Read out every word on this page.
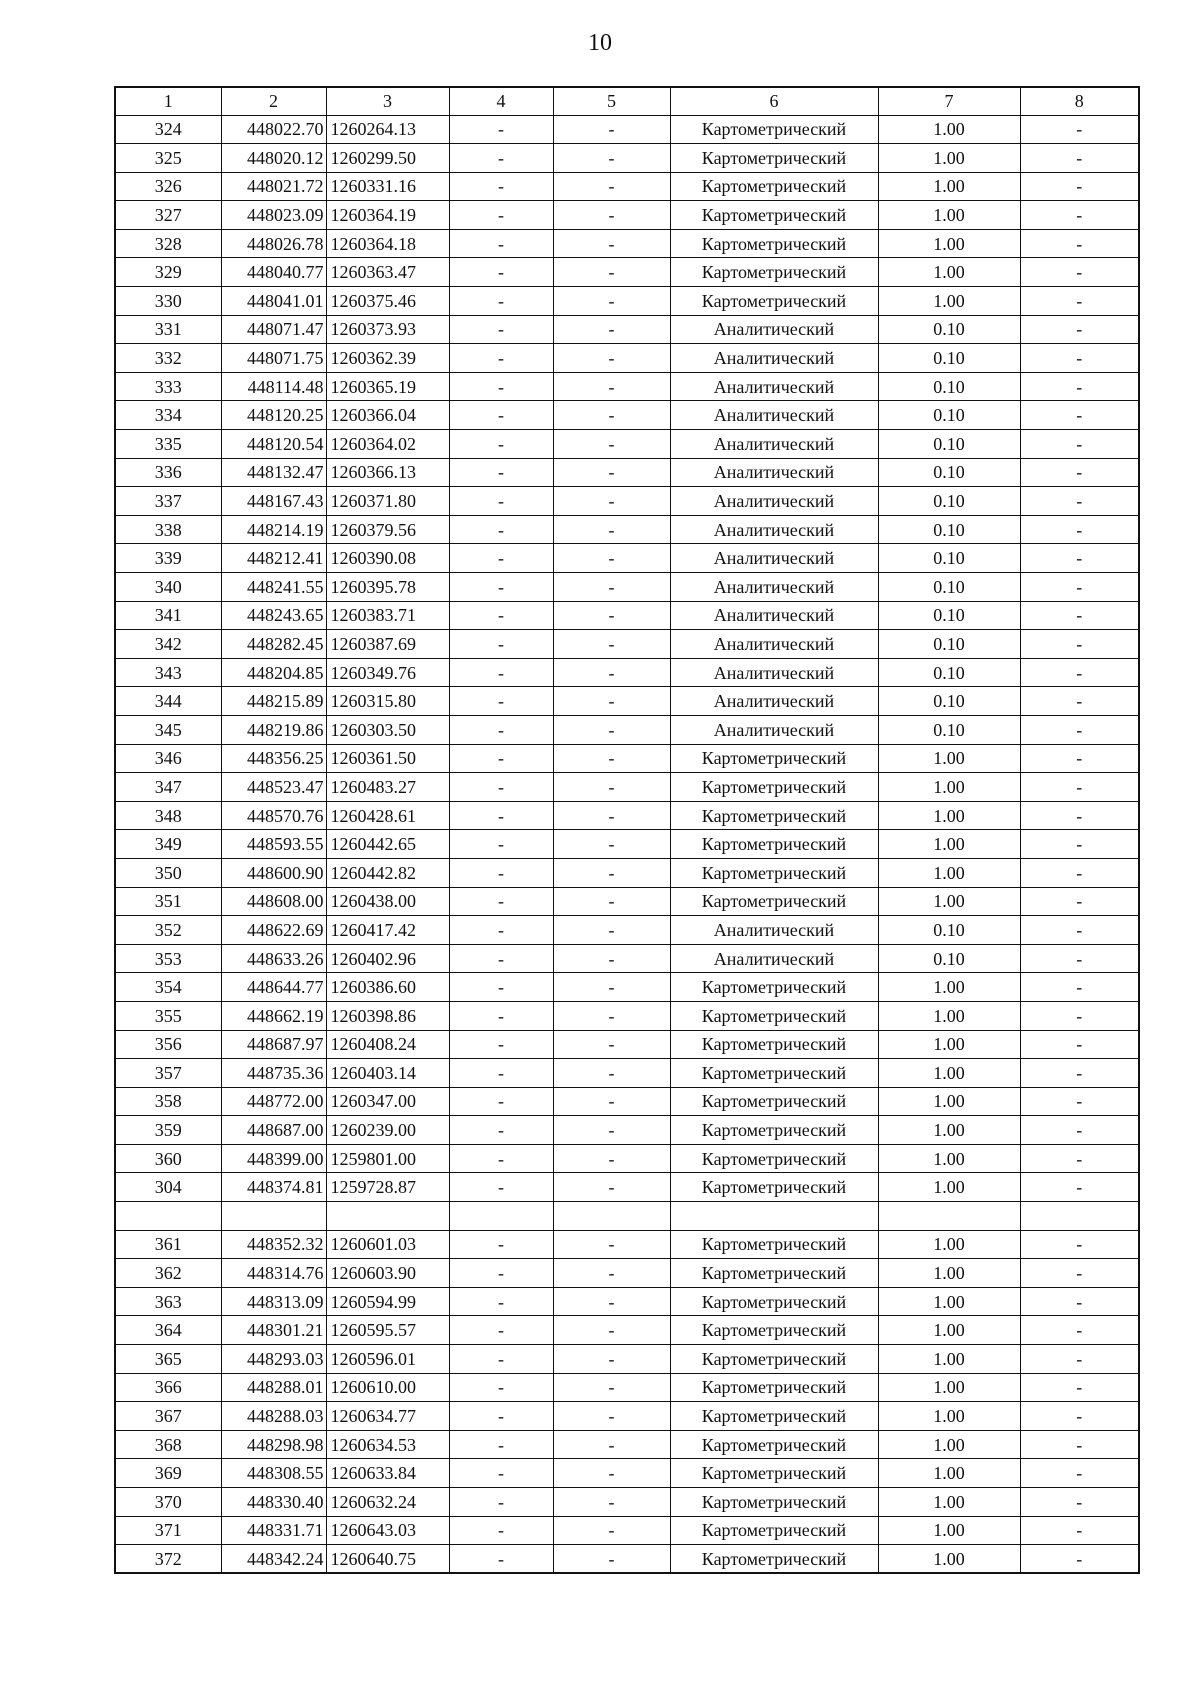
10
1	2	3	4	5	6	7	8
324	448022.70	1260264.13	-	-	Картометрический	1.00	-
325	448020.12	1260299.50	-	-	Картометрический	1.00	-
326	448021.72	1260331.16	-	-	Картометрический	1.00	-
327	448023.09	1260364.19	-	-	Картометрический	1.00	-
328	448026.78	1260364.18	-	-	Картометрический	1.00	-
329	448040.77	1260363.47	-	-	Картометрический	1.00	-
330	448041.01	1260375.46	-	-	Картометрический	1.00	-
331	448071.47	1260373.93	-	-	Аналитический	0.10	-
332	448071.75	1260362.39	-	-	Аналитический	0.10	-
333	448114.48	1260365.19	-	-	Аналитический	0.10	-
334	448120.25	1260366.04	-	-	Аналитический	0.10	-
335	448120.54	1260364.02	-	-	Аналитический	0.10	-
336	448132.47	1260366.13	-	-	Аналитический	0.10	-
337	448167.43	1260371.80	-	-	Аналитический	0.10	-
338	448214.19	1260379.56	-	-	Аналитический	0.10	-
339	448212.41	1260390.08	-	-	Аналитический	0.10	-
340	448241.55	1260395.78	-	-	Аналитический	0.10	-
341	448243.65	1260383.71	-	-	Аналитический	0.10	-
342	448282.45	1260387.69	-	-	Аналитический	0.10	-
343	448204.85	1260349.76	-	-	Аналитический	0.10	-
344	448215.89	1260315.80	-	-	Аналитический	0.10	-
345	448219.86	1260303.50	-	-	Аналитический	0.10	-
346	448356.25	1260361.50	-	-	Картометрический	1.00	-
347	448523.47	1260483.27	-	-	Картометрический	1.00	-
348	448570.76	1260428.61	-	-	Картометрический	1.00	-
349	448593.55	1260442.65	-	-	Картометрический	1.00	-
350	448600.90	1260442.82	-	-	Картометрический	1.00	-
351	448608.00	1260438.00	-	-	Картометрический	1.00	-
352	448622.69	1260417.42	-	-	Аналитический	0.10	-
353	448633.26	1260402.96	-	-	Аналитический	0.10	-
354	448644.77	1260386.60	-	-	Картометрический	1.00	-
355	448662.19	1260398.86	-	-	Картометрический	1.00	-
356	448687.97	1260408.24	-	-	Картометрический	1.00	-
357	448735.36	1260403.14	-	-	Картометрический	1.00	-
358	448772.00	1260347.00	-	-	Картометрический	1.00	-
359	448687.00	1260239.00	-	-	Картометрический	1.00	-
360	448399.00	1259801.00	-	-	Картометрический	1.00	-
304	448374.81	1259728.87	-	-	Картометрический	1.00	-

361	448352.32	1260601.03	-	-	Картометрический	1.00	-
362	448314.76	1260603.90	-	-	Картометрический	1.00	-
363	448313.09	1260594.99	-	-	Картометрический	1.00	-
364	448301.21	1260595.57	-	-	Картометрический	1.00	-
365	448293.03	1260596.01	-	-	Картометрический	1.00	-
366	448288.01	1260610.00	-	-	Картометрический	1.00	-
367	448288.03	1260634.77	-	-	Картометрический	1.00	-
368	448298.98	1260634.53	-	-	Картометрический	1.00	-
369	448308.55	1260633.84	-	-	Картометрический	1.00	-
370	448330.40	1260632.24	-	-	Картометрический	1.00	-
371	448331.71	1260643.03	-	-	Картометрический	1.00	-
372	448342.24	1260640.75	-	-	Картометрический	1.00	-
